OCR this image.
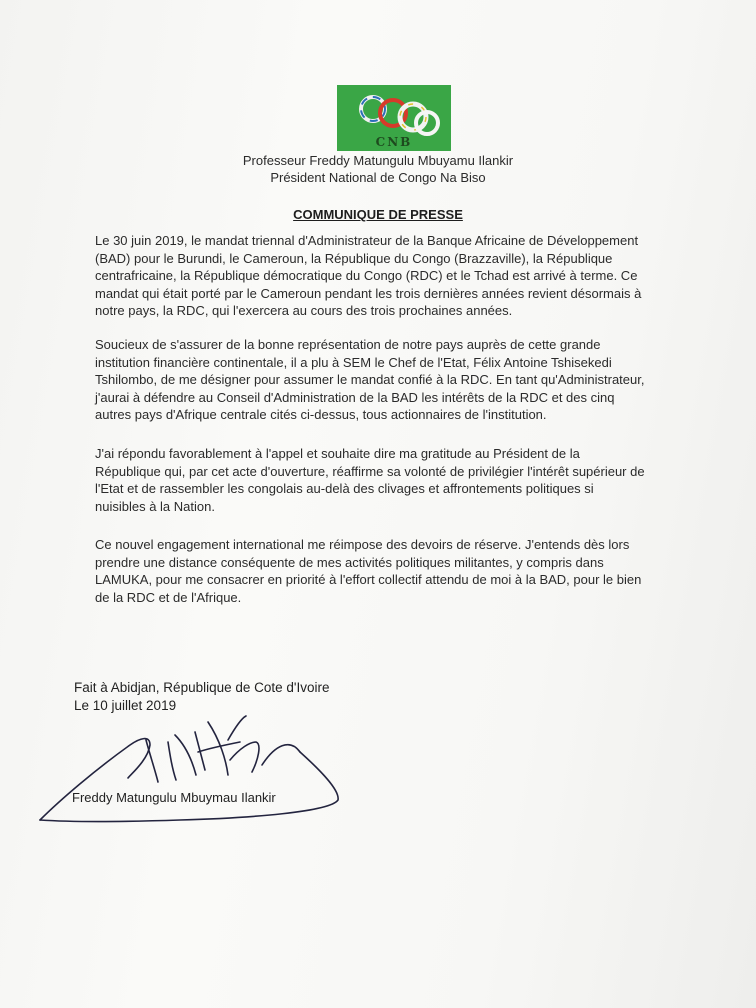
CNB
Professeur Freddy Matungulu Mbuyamu Ilankir
Président National de Congo Na Biso
COMMUNIQUE DE PRESSE
Le 30 juin 2019, le mandat triennal d'Administrateur de la Banque Africaine de Développement
(BAD) pour le Burundi, le Cameroun, la République du Congo (Brazzaville), la République
centrafricaine, la République démocratique du Congo (RDC) et le Tchad est arrivé à terme. Ce
mandat qui était porté par le Cameroun pendant les trois dernières années revient désormais à
notre pays, la RDC, qui l'exercera au cours des trois prochaines années.
Soucieux de s'assurer de la bonne représentation de notre pays auprès de cette grande
institution financière continentale, il a plu à SEM le Chef de l'Etat, Félix Antoine Tshisekedi
Tshilombo, de me désigner pour assumer le mandat confié à la RDC. En tant qu'Administrateur,
j'aurai à défendre au Conseil d'Administration de la BAD les intérêts de la RDC et des cinq
autres pays d'Afrique centrale cités ci-dessus, tous actionnaires de l'institution.
J'ai répondu favorablement à l'appel et souhaite dire ma gratitude au Président de la
République qui, par cet acte d'ouverture, réaffirme sa volonté de privilégier l'intérêt supérieur de
l'Etat et de rassembler les congolais au-delà des clivages et affrontements politiques si
nuisibles à la Nation.
Ce nouvel engagement international me réimpose des devoirs de réserve. J'entends dès lors
prendre une distance conséquente de mes activités politiques militantes, y compris dans
LAMUKA, pour me consacrer en priorité à l'effort collectif attendu de moi à la BAD, pour le bien
de la RDC et de l'Afrique.
Fait à Abidjan, République de Cote d'Ivoire
Le 10 juillet 2019
Freddy Matungulu Mbuymau Ilankir
